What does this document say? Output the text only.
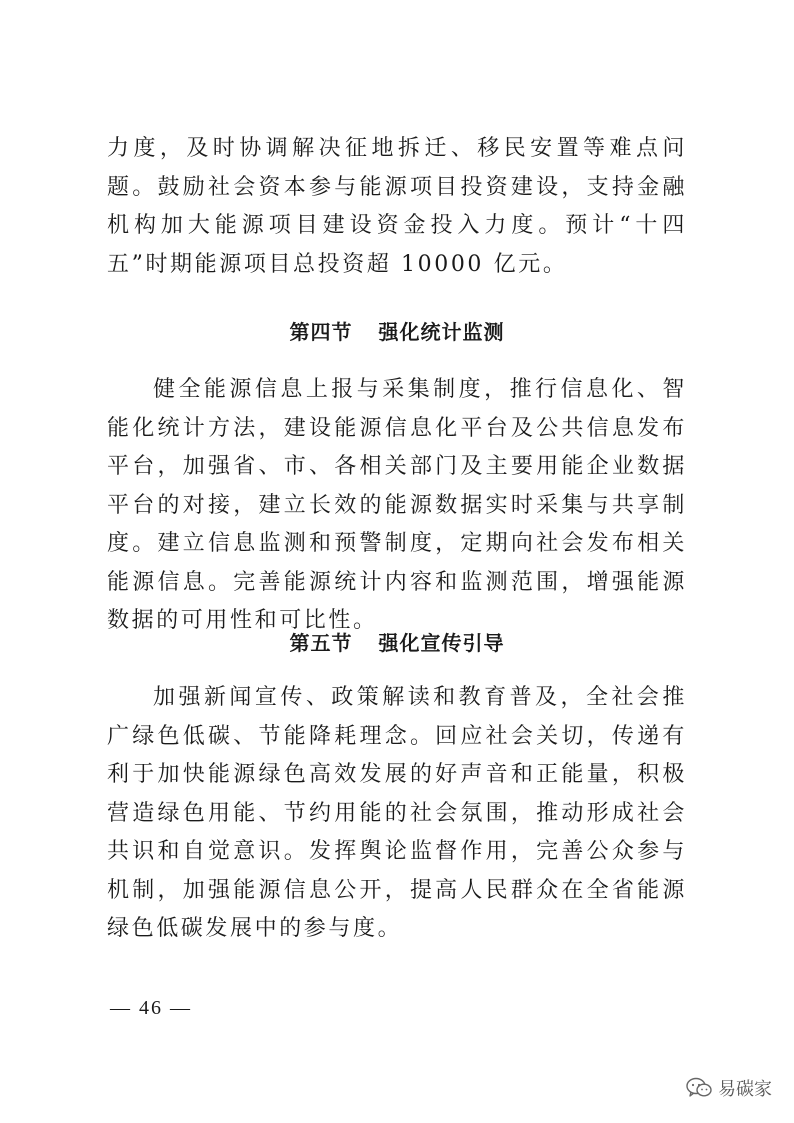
力度，及时协调解决征地拆迁、移民安置等难点问题。鼓励社会资本参与能源项目投资建设，支持金融机构加大能源项目建设资金投入力度。预计“十四五”时期能源项目总投资超 10000 亿元。

第四节 强化统计监测

健全能源信息上报与采集制度，推行信息化、智能化统计方法，建设能源信息化平台及公共信息发布平台，加强省、市、各相关部门及主要用能企业数据平台的对接，建立长效的能源数据实时采集与共享制度。建立信息监测和预警制度，定期向社会发布相关能源信息。完善能源统计内容和监测范围，增强能源数据的可用性和可比性。

第五节 强化宣传引导

加强新闻宣传、政策解读和教育普及，全社会推广绿色低碳、节能降耗理念。回应社会关切，传递有利于加快能源绿色高效发展的好声音和正能量，积极营造绿色用能、节约用能的社会氛围，推动形成社会共识和自觉意识。发挥舆论监督作用，完善公众参与机制，加强能源信息公开，提高人民群众在全省能源绿色低碳发展中的参与度。

— 46 —
易碳家
